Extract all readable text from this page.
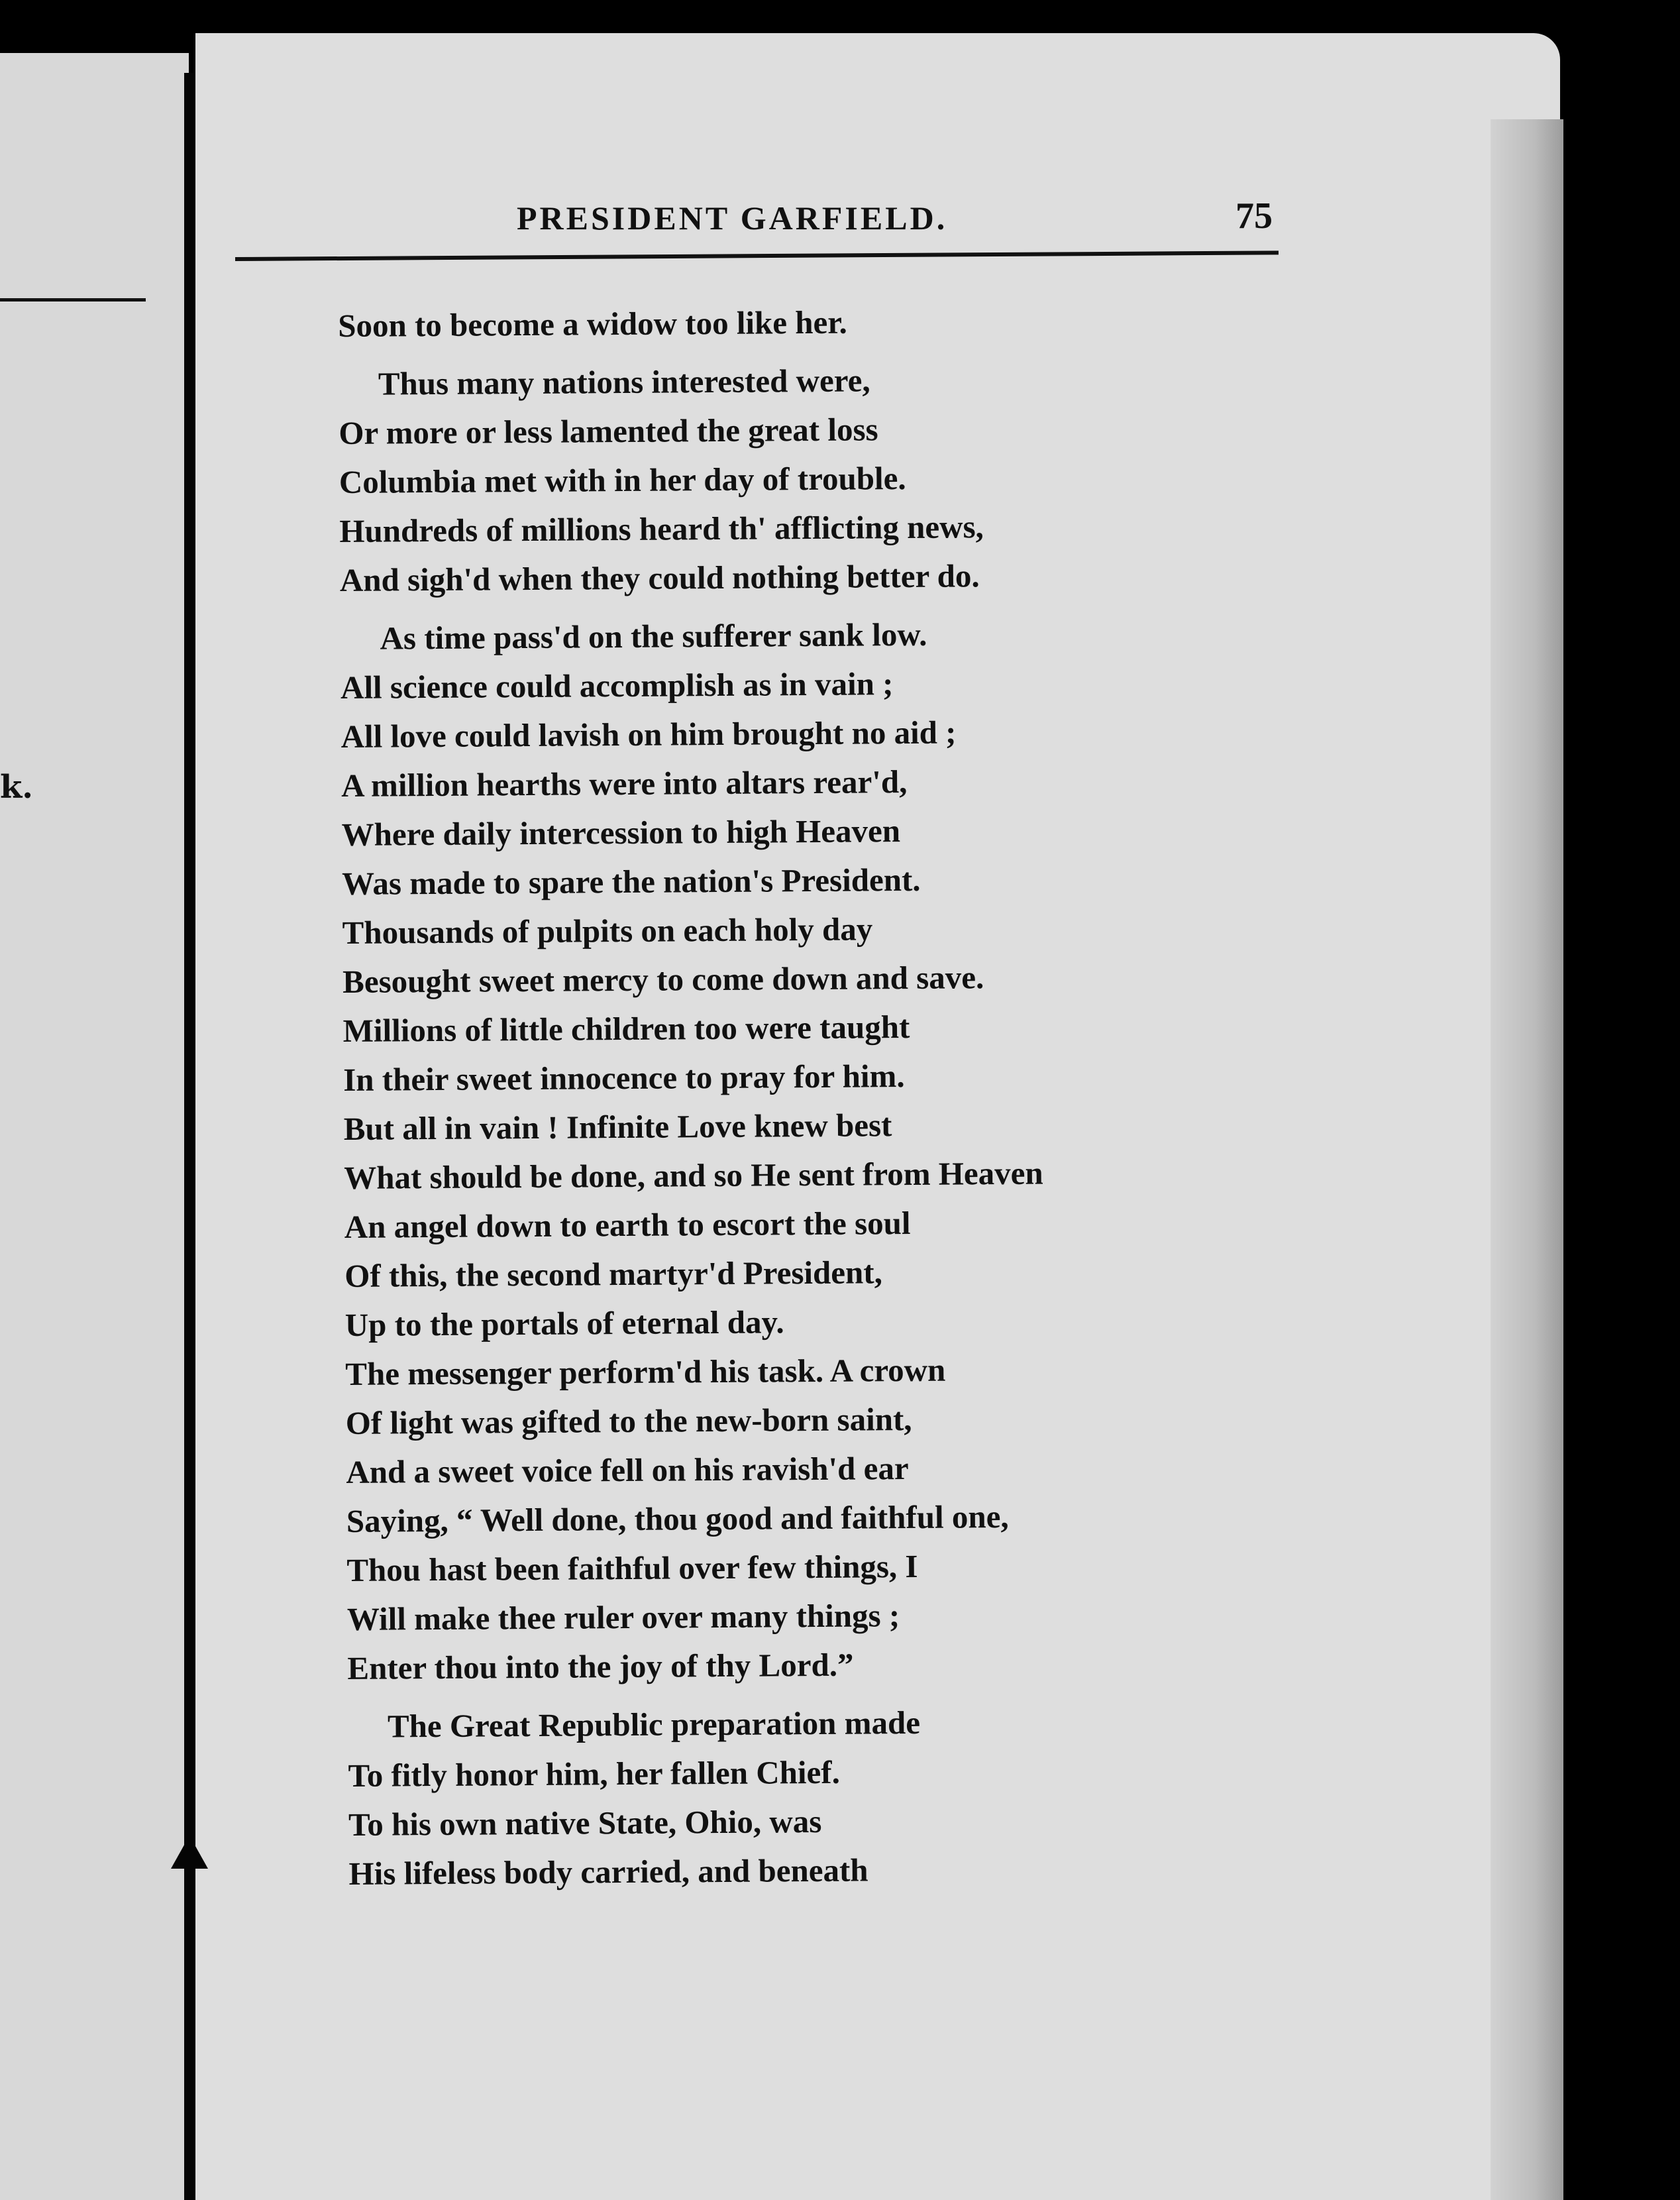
k.
PRESIDENT GARFIELD.	75
Soon to become a widow too like her.
Thus many nations interested were,
Or more or less lamented the great loss
Columbia met with in her day of trouble.
Hundreds of millions heard th' afflicting news,
And sigh'd when they could nothing better do.
As time pass'd on the sufferer sank low.
All science could accomplish as in vain ;
All love could lavish on him brought no aid ;
A million hearths were into altars rear'd,
Where daily intercession to high Heaven
Was made to spare the nation's President.
Thousands of pulpits on each holy day
Besought sweet mercy to come down and save.
Millions of little children too were taught
In their sweet innocence to pray for him.
But all in vain ! Infinite Love knew best
What should be done, and so He sent from Heaven
An angel down to earth to escort the soul
Of this, the second martyr'd President,
Up to the portals of eternal day.
The messenger perform'd his task. A crown
Of light was gifted to the new-born saint,
And a sweet voice fell on his ravish'd ear
Saying, “ Well done, thou good and faithful one,
Thou hast been faithful over few things, I
Will make thee ruler over many things ;
Enter thou into the joy of thy Lord.”
The Great Republic preparation made
To fitly honor him, her fallen Chief.
To his own native State, Ohio, was
His lifeless body carried, and beneath
